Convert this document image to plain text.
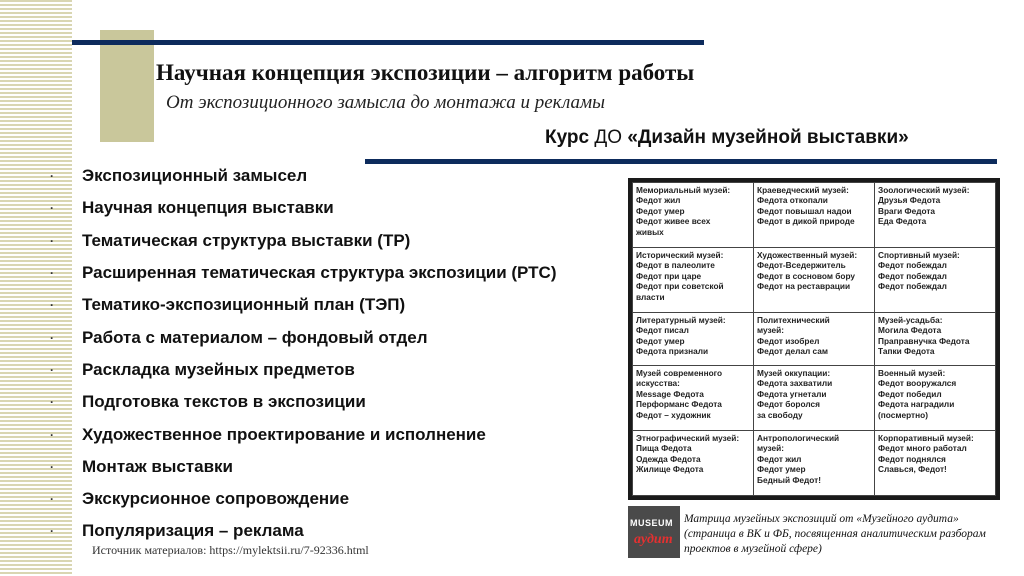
Научная концепция экспозиции – алгоритм работы
От экспозиционного замысла до монтажа и рекламы
Курс ДО «Дизайн музейной выставки»
·	Экспозиционный замысел
·	Научная концепция выставки
·	Тематическая структура выставки (ТР)
·	Расширенная тематическая структура экспозиции (РТС)
·	Тематико-экспозиционный план (ТЭП)
·	Работа с материалом – фондовый отдел
·	Раскладка музейных предметов
·	Подготовка текстов в экспозиции
·	Художественное проектирование и исполнение
·	Монтаж выставки
·	Экскурсионное сопровождение
·	Популяризация – реклама
Мемориальный музей:
Федот жил
Федот умер
Федот живее всех
живых	Краеведческий музей:
Федота откопали
Федот повышал надои
Федот в дикой природе	Зоологический музей:
Друзья Федота
Враги Федота
Еда Федота

Исторический музей:
Федот в палеолите
Федот при царе
Федот при советской
власти	Художественный музей:
Федот-Вседержитель
Федот в сосновом бору
Федот на реставрации	Спортивный музей:
Федот побеждал
Федот побеждал
Федот побеждал

Литературный музей:
Федот писал
Федот умер
Федота признали	Политехнический
музей:
Федот изобрел
Федот делал сам	Музей-усадьба:
Могила Федота
Праправнучка Федота
Тапки Федота

Музей современного
искусства:
Message Федота
Перформанс Федота
Федот – художник	Музей оккупации:
Федота захватили
Федота угнетали
Федот боролся
за свободу	Военный музей:
Федот вооружался
Федот победил
Федота наградили
(посмертно)

Этнографический музей:
Пища Федота
Одежда Федота
Жилище Федота	Антропологический
музей:
Федот жил
Федот умер
Бедный Федот!	Корпоративный музей:
Федот много работал
Федот поднялся
Славься, Федот!
MUSEUM
аудит
Матрица музейных экспозиций от «Музейного аудита» (страница в ВК и ФБ, посвященная аналитическим разборам проектов в музейной сфере)
Источник материалов: https://mylektsii.ru/7-92336.html
